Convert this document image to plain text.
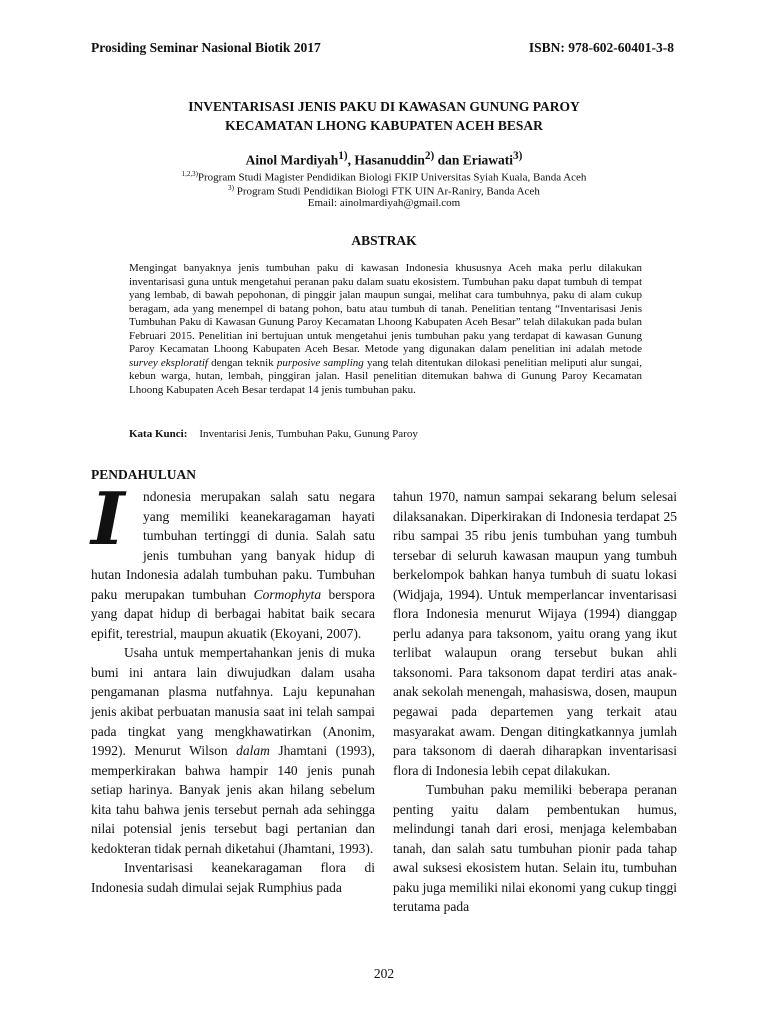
Prosiding Seminar Nasional Biotik 2017	ISBN: 978-602-60401-3-8
INVENTARISASI JENIS PAKU DI KAWASAN GUNUNG PAROY
KECAMATAN LHONG KABUPATEN ACEH BESAR
Ainol Mardiyah$^{1)}$, Hasanuddin$^{2)}$ dan Eriawati$^{3)}$
$^{1,2,3)}$Program Studi Magister Pendidikan Biologi FKIP Universitas Syiah Kuala, Banda Aceh
$^{3)}$ Program Studi Pendidikan Biologi FTK UIN Ar-Raniry, Banda Aceh
Email: ainolmardiyah@gmail.com
ABSTRAK
Mengingat banyaknya jenis tumbuhan paku di kawasan Indonesia khususnya Aceh maka perlu dilakukan inventarisasi guna untuk mengetahui peranan paku dalam suatu ekosistem. Tumbuhan paku dapat tumbuh di tempat yang lembab, di bawah pepohonan, di pinggir jalan maupun sungai, melihat cara tumbuhnya, paku di alam cukup beragam, ada yang menempel di batang pohon, batu atau tumbuh di tanah. Penelitian tentang “Inventarisasi Jenis Tumbuhan Paku di Kawasan Gunung Paroy Kecamatan Lhoong Kabupaten Aceh Besar” telah dilakukan pada bulan Februari 2015. Penelitian ini bertujuan untuk mengetahui jenis tumbuhan paku yang terdapat di kawasan Gunung Paroy Kecamatan Lhoong Kabupaten Aceh Besar. Metode yang digunakan dalam penelitian ini adalah metode survey eksploratif dengan teknik purposive sampling yang telah ditentukan dilokasi penelitian meliputi alur sungai, kebun warga, hutan, lembah, pinggiran jalan. Hasil penelitian ditemukan bahwa di Gunung Paroy Kecamatan Lhoong Kabupaten Aceh Besar terdapat 14 jenis tumbuhan paku.
Kata Kunci: Inventarisi Jenis, Tumbuhan Paku, Gunung Paroy
PENDAHULUAN

I	ndonesia merupakan salah satu negara yang memiliki keanekaragaman hayati tumbuhan tertinggi di dunia. Salah satu jenis tumbuhan yang banyak hidup di hutan Indonesia adalah tumbuhan paku. Tumbuhan paku merupakan tumbuhan Cormophyta berspora yang dapat hidup di berbagai habitat baik secara epifit, terestrial, maupun akuatik (Ekoyani, 2007).

Usaha untuk mempertahankan jenis di muka bumi ini antara lain diwujudkan dalam usaha pengamanan plasma nutfahnya. Laju kepunahan jenis akibat perbuatan manusia saat ini telah sampai pada tingkat yang mengkhawatirkan (Anonim, 1992). Menurut Wilson dalam Jhamtani (1993), memperkirakan bahwa hampir 140 jenis punah setiap harinya. Banyak jenis akan hilang sebelum kita tahu bahwa jenis tersebut pernah ada sehingga nilai potensial jenis tersebut bagi pertanian dan kedokteran tidak pernah diketahui (Jhamtani, 1993).

Inventarisasi keanekaragaman flora di Indonesia sudah dimulai sejak Rumphius pada

tahun 1970, namun sampai sekarang belum selesai dilaksanakan. Diperkirakan di Indonesia terdapat 25 ribu sampai 35 ribu jenis tumbuhan yang tumbuh tersebar di seluruh kawasan maupun yang tumbuh berkelompok bahkan hanya tumbuh di suatu lokasi (Widjaja, 1994). Untuk memperlancar inventarisasi flora Indonesia menurut Wijaya (1994) dianggap perlu adanya para taksonom, yaitu orang yang ikut terlibat walaupun orang tersebut bukan ahli taksonomi. Para taksonom dapat terdiri atas anak-anak sekolah menengah, mahasiswa, dosen, maupun pegawai pada departemen yang terkait atau masyarakat awam. Dengan ditingkatkannya jumlah para taksonom di daerah diharapkan inventarisasi flora di Indonesia lebih cepat dilakukan.

Tumbuhan paku memiliki beberapa peranan penting yaitu dalam pembentukan humus, melindungi tanah dari erosi, menjaga kelembaban tanah, dan salah satu tumbuhan pionir pada tahap awal suksesi ekosistem hutan. Selain itu, tumbuhan paku juga memiliki nilai ekonomi yang cukup tinggi terutama pada

202
